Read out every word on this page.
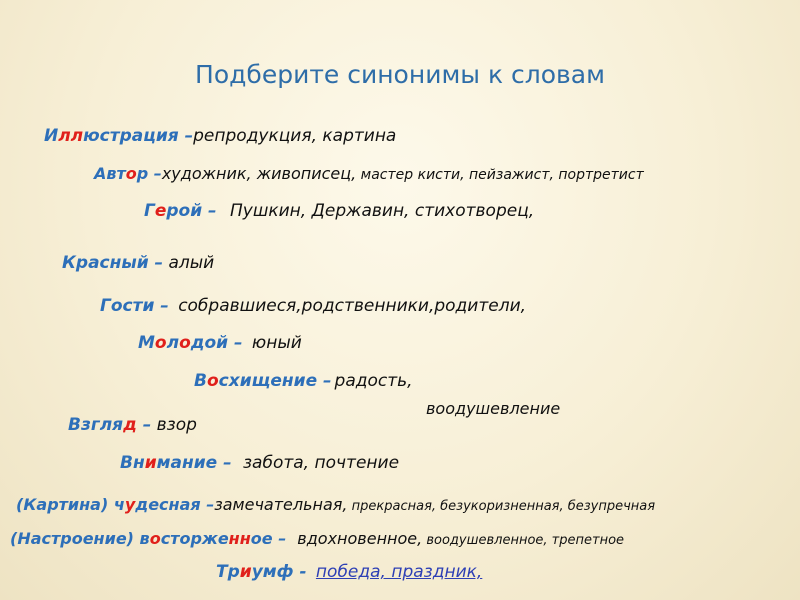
Подберите синонимы к словам
Иллюстрация –репродукция, картина
Автор –художник, живописец, мастер кисти, пейзажист, портретист
Герой – Пушкин, Державин, стихотворец,
Красный – алый
Гости – собравшиеся,родственники,родители,
Молодой – юный
Восхищение – радость,
воодушевление
Взгляд – взор
Внимание – забота, почтение
(Картина) чудесная –замечательная, прекрасная, безукоризненная, безупречная
(Настроение) восторженное – вдохновенное, воодушевленное, трепетное
Триумф - победа, праздник,
